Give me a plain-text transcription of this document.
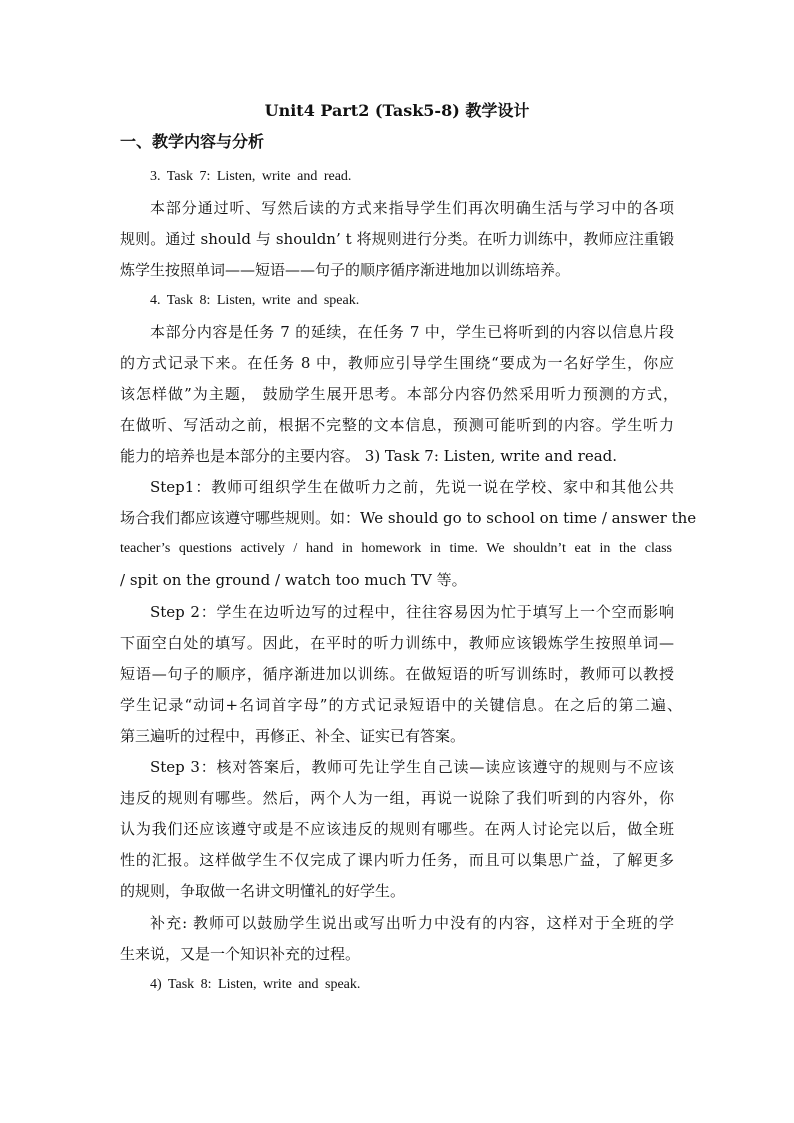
Unit4 Part2 (Task5-8) 教学设计
一、教学内容与分析
3. Task 7: Listen, write and read.
本部分通过听、写然后读的方式来指导学生们再次明确生活与学习中的各项
规则。通过 should 与 shouldn’ t 将规则进行分类。在听力训练中，教师应注重锻
炼学生按照单词——短语——句子的顺序循序渐进地加以训练培养。
4. Task 8: Listen, write and speak.
本部分内容是任务 7 的延续，在任务 7 中，学生已将听到的内容以信息片段
的方式记录下来。在任务 8 中，教师应引导学生围绕“要成为一名好学生，你应
该怎样做”为主题， 鼓励学生展开思考。本部分内容仍然采用听力预测的方式，
在做听、写活动之前，根据不完整的文本信息，预测可能听到的内容。学生听力
能力的培养也是本部分的主要内容。 3) Task 7: Listen, write and read.
Step1：教师可组织学生在做听力之前，先说一说在学校、家中和其他公共
场合我们都应该遵守哪些规则。如：We should go to school on time / answer the
teacher’s questions actively / hand in homework in time. We shouldn’t eat in the class
/ spit on the ground / watch too much TV 等。
Step 2：学生在边听边写的过程中，往往容易因为忙于填写上一个空而影响
下面空白处的填写。因此，在平时的听力训练中，教师应该锻炼学生按照单词—
短语—句子的顺序，循序渐进加以训练。在做短语的听写训练时，教师可以教授
学生记录“动词+名词首字母”的方式记录短语中的关键信息。在之后的第二遍、
第三遍听的过程中，再修正、补全、证实已有答案。
Step 3：核对答案后，教师可先让学生自己读—读应该遵守的规则与不应该
违反的规则有哪些。然后，两个人为一组，再说一说除了我们听到的内容外，你
认为我们还应该遵守或是不应该违反的规则有哪些。在两人讨论完以后，做全班
性的汇报。这样做学生不仅完成了课内听力任务，而且可以集思广益，了解更多
的规则，争取做一名讲文明懂礼的好学生。
补充: 教师可以鼓励学生说出或写出听力中没有的内容，这样对于全班的学
生来说，又是一个知识补充的过程。
4) Task 8: Listen, write and speak.
